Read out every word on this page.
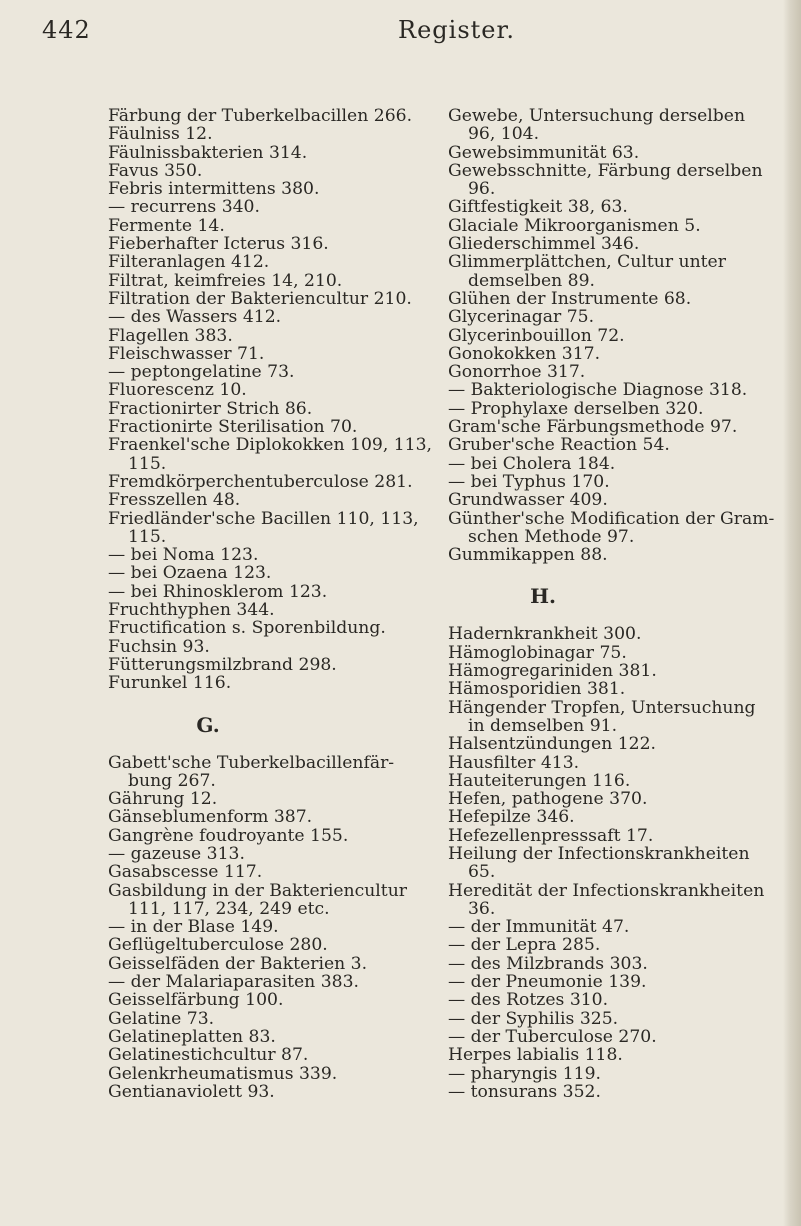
442	Register.
Färbung der Tuberkelbacillen 266.
Fäulniss 12.
Fäulnissbakterien 314.
Favus 350.
Febris intermittens 380.
— recurrens 340.
Fermente 14.
Fieberhafter Icterus 316.
Filteranlagen 412.
Filtrat, keimfreies 14, 210.
Filtration der Bakteriencultur 210.
— des Wassers 412.
Flagellen 383.
Fleischwasser 71.
— peptongelatine 73.
Fluorescenz 10.
Fractionirter Strich 86.
Fractionirte Sterilisation 70.
Fraenkel'sche Diplokokken 109, 113,
115.
Fremdkörperchentuberculose 281.
Fresszellen 48.
Friedländer'sche Bacillen 110, 113,
115.
— bei Noma 123.
— bei Ozaena 123.
— bei Rhinosklerom 123.
Fruchthyphen 344.
Fructification s. Sporenbildung.
Fuchsin 93.
Fütterungsmilzbrand 298.
Furunkel 116.
G.
Gabett'sche Tuberkelbacillenfär-
bung 267.
Gährung 12.
Gänseblumenform 387.
Gangrène foudroyante 155.
— gazeuse 313.
Gasabscesse 117.
Gasbildung in der Bakteriencultur
111, 117, 234, 249 etc.
— in der Blase 149.
Geflügeltuberculose 280.
Geisselfäden der Bakterien 3.
— der Malariaparasiten 383.
Geisselfärbung 100.
Gelatine 73.
Gelatineplatten 83.
Gelatinestichcultur 87.
Gelenkrheumatismus 339.
Gentianaviolett 93.
Gewebe, Untersuchung derselben
96, 104.
Gewebsimmunität 63.
Gewebsschnitte, Färbung derselben
96.
Giftfestigkeit 38, 63.
Glaciale Mikroorganismen 5.
Gliederschimmel 346.
Glimmerplättchen, Cultur unter
demselben 89.
Glühen der Instrumente 68.
Glycerinagar 75.
Glycerinbouillon 72.
Gonokokken 317.
Gonorrhoe 317.
— Bakteriologische Diagnose 318.
— Prophylaxe derselben 320.
Gram'sche Färbungsmethode 97.
Gruber'sche Reaction 54.
— bei Cholera 184.
— bei Typhus 170.
Grundwasser 409.
Günther'sche Modification der Gram-
schen Methode 97.
Gummikappen 88.
H.
Hadernkrankheit 300.
Hämoglobinagar 75.
Hämogregariniden 381.
Hämosporidien 381.
Hängender Tropfen, Untersuchung
in demselben 91.
Halsentzündungen 122.
Hausfilter 413.
Hauteiterungen 116.
Hefen, pathogene 370.
Hefepilze 346.
Hefezellenpresssaft 17.
Heilung der Infectionskrankheiten
65.
Heredität der Infectionskrankheiten
36.
— der Immunität 47.
— der Lepra 285.
— des Milzbrands 303.
— der Pneumonie 139.
— des Rotzes 310.
— der Syphilis 325.
— der Tuberculose 270.
Herpes labialis 118.
— pharyngis 119.
— tonsurans 352.
